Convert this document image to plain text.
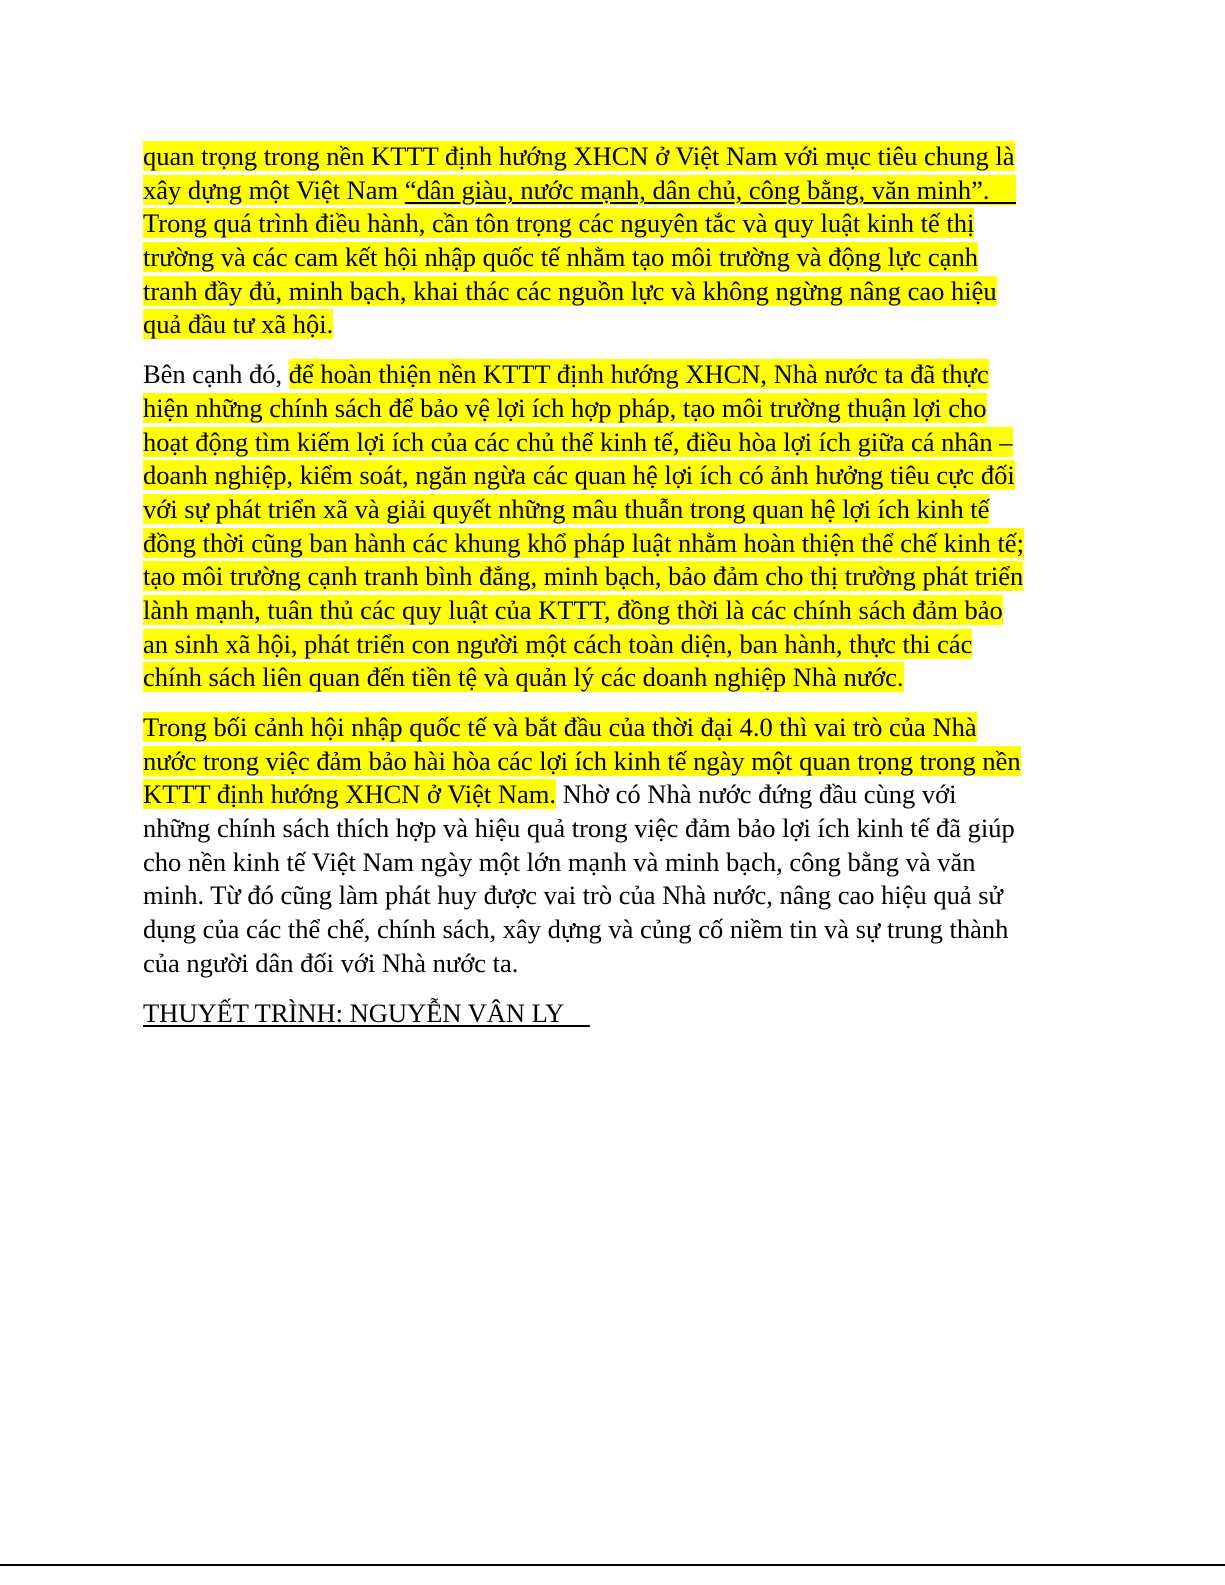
quan trọng trong nền KTTT định hướng XHCN ở Việt Nam với mục tiêu chung là
xây dựng một Việt Nam “dân giàu, nước mạnh, dân chủ, công bằng, văn minh”.
Trong quá trình điều hành, cần tôn trọng các nguyên tắc và quy luật kinh tế thị
trường và các cam kết hội nhập quốc tế nhằm tạo môi trường và động lực cạnh
tranh đầy đủ, minh bạch, khai thác các nguồn lực và không ngừng nâng cao hiệu
quả đầu tư xã hội.
Bên cạnh đó, để hoàn thiện nền KTTT định hướng XHCN, Nhà nước ta đã thực
hiện những chính sách để bảo vệ lợi ích hợp pháp, tạo môi trường thuận lợi cho
hoạt động tìm kiếm lợi ích của các chủ thể kinh tế, điều hòa lợi ích giữa cá nhân –
doanh nghiệp, kiểm soát, ngăn ngừa các quan hệ lợi ích có ảnh hưởng tiêu cực đối
với sự phát triển xã và giải quyết những mâu thuẫn trong quan hệ lợi ích kinh tế
đồng thời cũng ban hành các khung khổ pháp luật nhằm hoàn thiện thể chế kinh tế;
tạo môi trường cạnh tranh bình đẳng, minh bạch, bảo đảm cho thị trường phát triển
lành mạnh, tuân thủ các quy luật của KTTT, đồng thời là các chính sách đảm bảo
an sinh xã hội, phát triển con người một cách toàn diện, ban hành, thực thi các
chính sách liên quan đến tiền tệ và quản lý các doanh nghiệp Nhà nước.
Trong bối cảnh hội nhập quốc tế và bắt đầu của thời đại 4.0 thì vai trò của Nhà
nước trong việc đảm bảo hài hòa các lợi ích kinh tế ngày một quan trọng trong nền
KTTT định hướng XHCN ở Việt Nam. Nhờ có Nhà nước đứng đầu cùng với
những chính sách thích hợp và hiệu quả trong việc đảm bảo lợi ích kinh tế đã giúp
cho nền kinh tế Việt Nam ngày một lớn mạnh và minh bạch, công bằng và văn
minh. Từ đó cũng làm phát huy được vai trò của Nhà nước, nâng cao hiệu quả sử
dụng của các thể chế, chính sách, xây dựng và củng cố niềm tin và sự trung thành
của người dân đối với Nhà nước ta.
THUYẾT TRÌNH: NGUYỄN VÂN LY
